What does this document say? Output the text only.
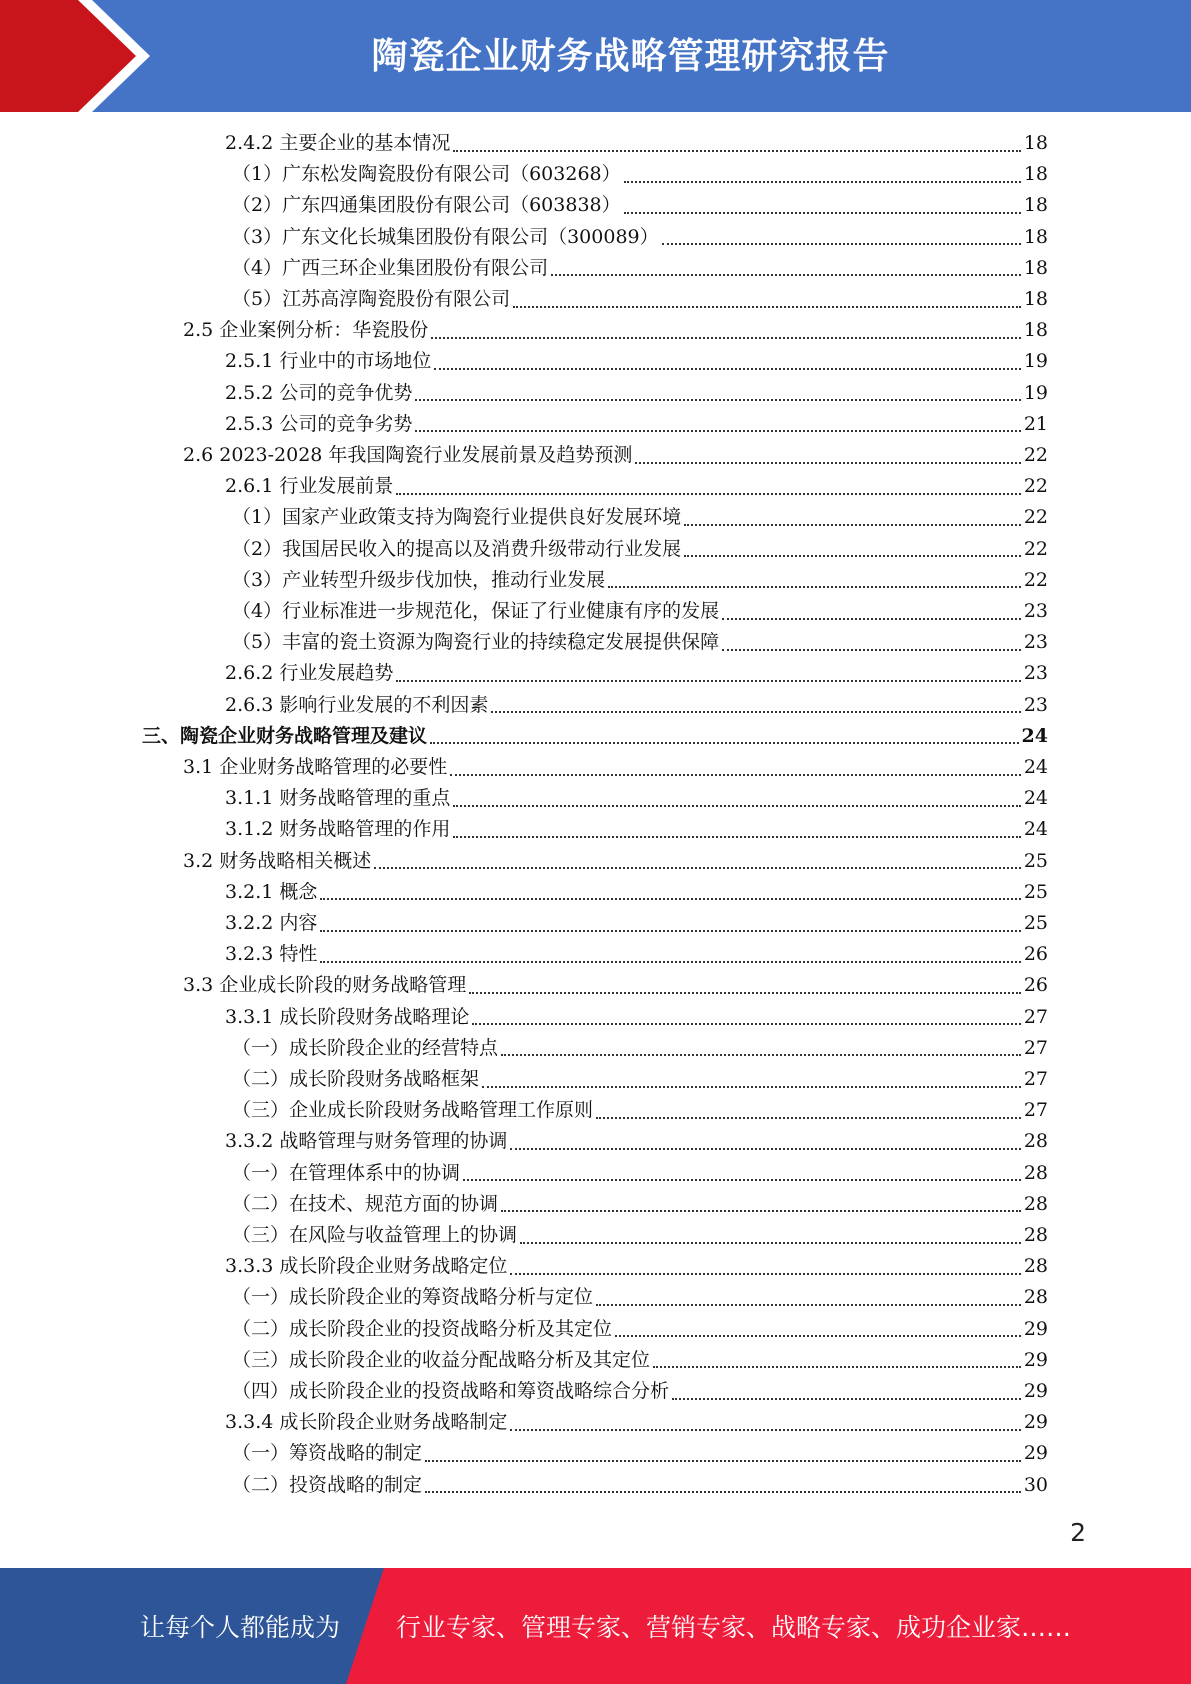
陶瓷企业财务战略管理研究报告
2.4.2 主要企业的基本情况	18
（1）广东松发陶瓷股份有限公司（603268）	18
（2）广东四通集团股份有限公司（603838）	18
（3）广东文化长城集团股份有限公司（300089）	18
（4）广西三环企业集团股份有限公司	18
（5）江苏高淳陶瓷股份有限公司	18
2.5 企业案例分析：华瓷股份	18
2.5.1 行业中的市场地位	19
2.5.2 公司的竞争优势	19
2.5.3 公司的竞争劣势	21
2.6 2023-2028 年我国陶瓷行业发展前景及趋势预测	22
2.6.1 行业发展前景	22
（1）国家产业政策支持为陶瓷行业提供良好发展环境	22
（2）我国居民收入的提高以及消费升级带动行业发展	22
（3）产业转型升级步伐加快，推动行业发展	22
（4）行业标准进一步规范化，保证了行业健康有序的发展	23
（5）丰富的瓷土资源为陶瓷行业的持续稳定发展提供保障	23
2.6.2 行业发展趋势	23
2.6.3 影响行业发展的不利因素	23
三、陶瓷企业财务战略管理及建议	24
3.1 企业财务战略管理的必要性	24
3.1.1 财务战略管理的重点	24
3.1.2 财务战略管理的作用	24
3.2 财务战略相关概述	25
3.2.1 概念	25
3.2.2 内容	25
3.2.3 特性	26
3.3 企业成长阶段的财务战略管理	26
3.3.1 成长阶段财务战略理论	27
（一）成长阶段企业的经营特点	27
（二）成长阶段财务战略框架	27
（三）企业成长阶段财务战略管理工作原则	27
3.3.2 战略管理与财务管理的协调	28
（一）在管理体系中的协调	28
（二）在技术、规范方面的协调	28
（三）在风险与收益管理上的协调	28
3.3.3 成长阶段企业财务战略定位	28
（一）成长阶段企业的筹资战略分析与定位	28
（二）成长阶段企业的投资战略分析及其定位	29
（三）成长阶段企业的收益分配战略分析及其定位	29
（四）成长阶段企业的投资战略和筹资战略综合分析	29
3.3.4 成长阶段企业财务战略制定	29
（一）筹资战略的制定	29
（二）投资战略的制定	30
2
让每个人都能成为 行业专家、管理专家、营销专家、战略专家、成功企业家……
